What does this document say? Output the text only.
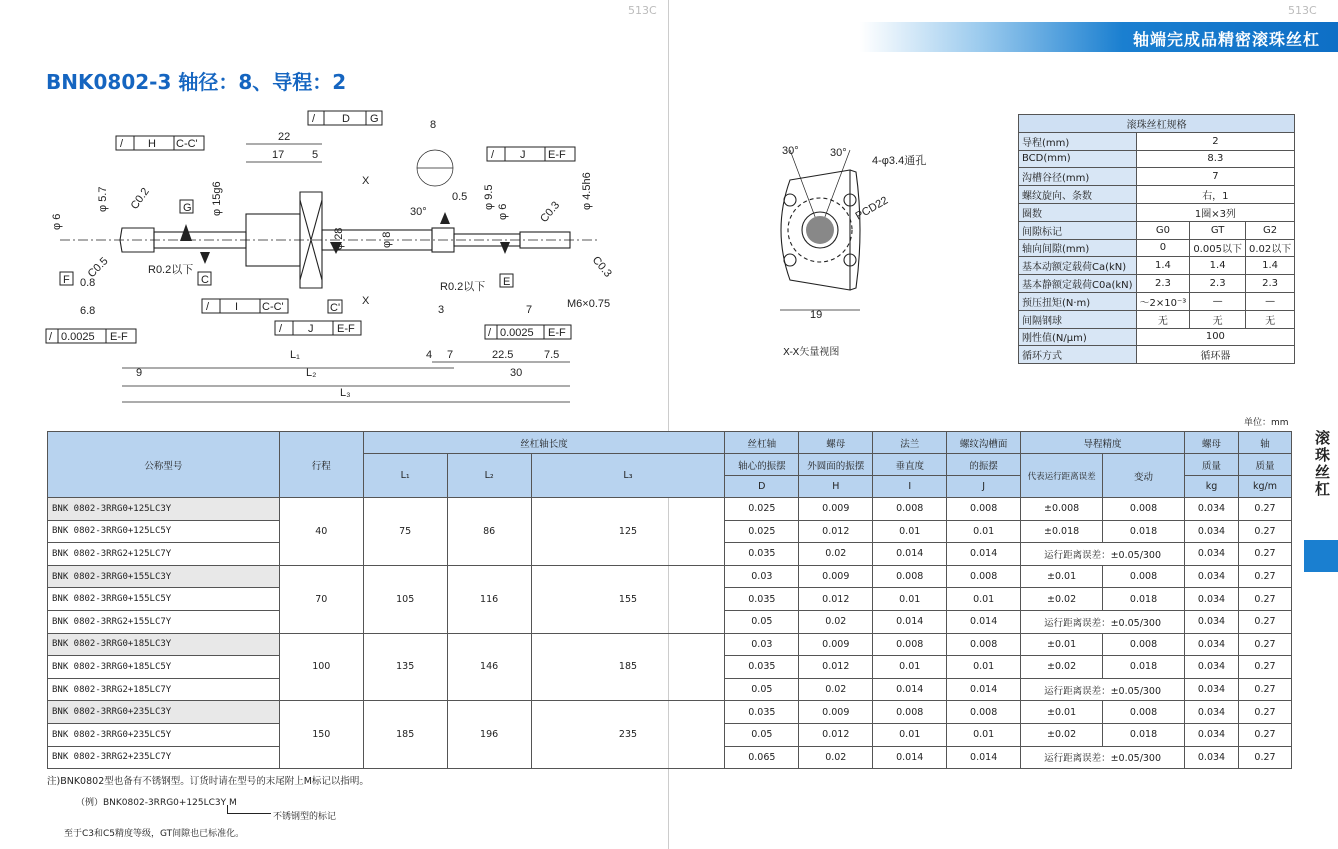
513C	513C
轴端完成品精密滚珠丝杠
BNK0802-3 轴径：8、导程：2
滚珠丝杠
/ H C-C'
/ D G
/ J E-F
/ I C-C'
/ J E-F
/ 0.0025 E-F	/ 0.0025 E-F
G
C
C'
E
F
X
X
22
17	5
8
0.5
30°
M6×0.75
3	7
R0.2以下
R0.2以下
0.8
6.8
L₁
L₂
L₃
4 7	22.5	7.5
9	30
C0.2
C0.5
C0.3
C0.3
φ 6
φ 5.7	φ 15g6	φ 9.5
φ 6
φ 4.5h6
φ 28	φ 8
30°	30°
4-φ3.4通孔
PCD22
19
X-X矢量视图
滚珠丝杠规格			
导程(mm)	2		
BCD(mm)	8.3		
沟槽谷径(mm)	7		
螺纹旋向、条数	右，1		
圈数	1圈×3列		
间隙标记	G0	GT	G2
轴向间隙(mm)	0	0.005以下	0.02以下
基本动额定载荷Ca(kN)	1.4	1.4	1.4
基本静额定载荷C0a(kN)	2.3	2.3	2.3
预压扭矩(N·m)	～2×10⁻³	—	—
间隔钢球	无	无	无
刚性值(N/μm)	100		
循环方式	循环器		
单位：mm
公称型号	行程	丝杠轴长度			丝杠轴	螺母	法兰	螺纹沟槽面	导程精度		螺母	轴
		L₁	L₂	L₃	轴心的振摆	外圆面的振摆	垂直度	的振摆	代表运行距离误差	变动	质量	质量
					D	H	I	J			kg	kg/m
BNK 0802-3RRG0+125LC3Y	40	75	86	125	0.025	0.009	0.008	0.008	±0.008	0.008	0.034	0.27
BNK 0802-3RRG0+125LC5Y					0.025	0.012	0.01	0.01	±0.018	0.018	0.034	0.27
BNK 0802-3RRG2+125LC7Y					0.035	0.02	0.014	0.014	运行距离误差：±0.05/300		0.034	0.27
BNK 0802-3RRG0+155LC3Y	70	105	116	155	0.03	0.009	0.008	0.008	±0.01	0.008	0.034	0.27
BNK 0802-3RRG0+155LC5Y					0.035	0.012	0.01	0.01	±0.02	0.018	0.034	0.27
BNK 0802-3RRG2+155LC7Y					0.05	0.02	0.014	0.014	运行距离误差：±0.05/300		0.034	0.27
BNK 0802-3RRG0+185LC3Y	100	135	146	185	0.03	0.009	0.008	0.008	±0.01	0.008	0.034	0.27
BNK 0802-3RRG0+185LC5Y					0.035	0.012	0.01	0.01	±0.02	0.018	0.034	0.27
BNK 0802-3RRG2+185LC7Y					0.05	0.02	0.014	0.014	运行距离误差：±0.05/300		0.034	0.27
BNK 0802-3RRG0+235LC3Y	150	185	196	235	0.035	0.009	0.008	0.008	±0.01	0.008	0.034	0.27
BNK 0802-3RRG0+235LC5Y					0.05	0.012	0.01	0.01	±0.02	0.018	0.034	0.27
BNK 0802-3RRG2+235LC7Y					0.065	0.02	0.014	0.014	运行距离误差：±0.05/300		0.034	0.27
注)BNK0802型也备有不锈钢型。订货时请在型号的末尾附上M标记以指明。
（例）BNK0802-3RRG0+125LC3Y M
不锈钢型的标记
至于C3和C5精度等级，GT间隙也已标准化。
